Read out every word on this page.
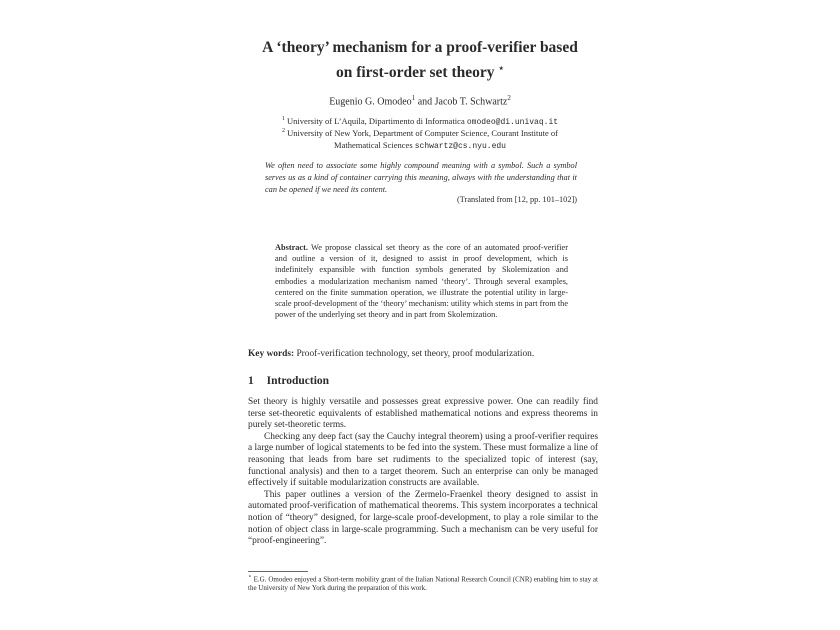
A ‘theory’ mechanism for a proof-verifier based
on first-order set theory ⋆
Eugenio G. Omodeo$^1$ and Jacob T. Schwartz$^2$
$^1$ University of L’Aquila, Dipartimento di Informatica omodeo@di.univaq.it
$^2$ University of New York, Department of Computer Science, Courant Institute of
Mathematical Sciences schwartz@cs.nyu.edu
We often need to associate some highly compound meaning with a symbol. Such a symbol serves us as a kind of container carrying this meaning, always with the understanding that it can be opened if we need its content.
(Translated from [12, pp. 101–102])
Abstract. We propose classical set theory as the core of an automated proof-verifier and outline a version of it, designed to assist in proof development, which is indefinitely expansible with function symbols generated by Skolemization and embodies a modularization mechanism named ‘theory’. Through several examples, centered on the finite summation operation, we illustrate the potential utility in large-scale proof-development of the ‘theory’ mechanism: utility which stems in part from the power of the underlying set theory and in part from Skolemization.
Key words: Proof-verification technology, set theory, proof modularization.
1 Introduction

Set theory is highly versatile and possesses great expressive power. One can readily find terse set-theoretic equivalents of established mathematical notions and express theorems in purely set-theoretic terms.

Checking any deep fact (say the Cauchy integral theorem) using a proof-verifier requires a large number of logical statements to be fed into the system. These must formalize a line of reasoning that leads from bare set rudiments to the specialized topic of interest (say, functional analysis) and then to a target theorem. Such an enterprise can only be managed effectively if suitable modularization constructs are available.

This paper outlines a version of the Zermelo-Fraenkel theory designed to assist in automated proof-verification of mathematical theorems. This system incorporates a technical notion of “theory” designed, for large-scale proof-development, to play a role similar to the notion of object class in large-scale programming. Such a mechanism can be very useful for “proof-engineering”.

⋆ E.G. Omodeo enjoyed a Short-term mobility grant of the Italian National Research Council (CNR) enabling him to stay at the University of New York during the preparation of this work.
